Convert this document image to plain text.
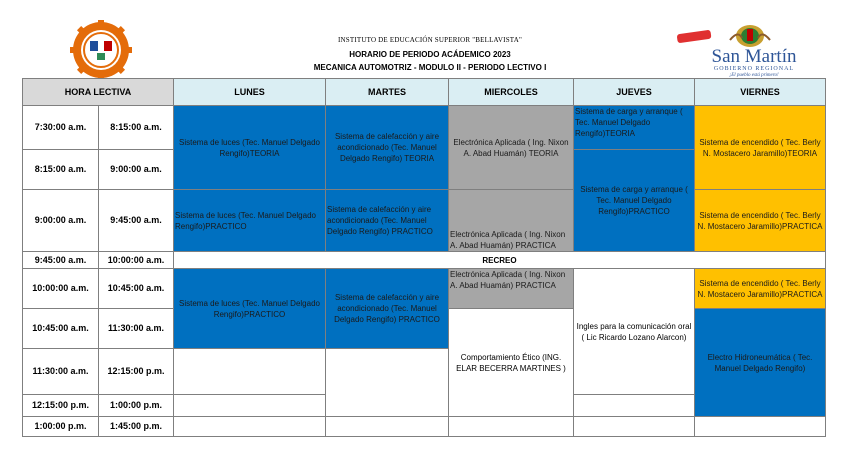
San Martín
GOBIERNO REGIONAL
¡El pueblo está primero!
INSTITUTO DE EDUCACIÓN SUPERIOR "BELLAVISTA"
HORARIO DE PERIODO ACÁDEMICO 2023
MECANICA AUTOMOTRIZ - MODULO II - PERIODO LECTIVO I
HORA LECTIVA		LUNES	MARTES	MIERCOLES	JUEVES	VIERNES
7:30:00 a.m.	8:15:00 a.m.	Sistema de luces (Tec. Manuel Delgado Rengifo)TEORIA	Sistema de calefacción y aire acondicionado (Tec. Manuel Delgado Rengifo) TEORIA	Electrónica Aplicada ( Ing. Nixon A. Abad Huamán) TEORIA	Sistema de carga y arranque ( Tec. Manuel Delgado Rengifo)TEORIA	Sistema de encendido ( Tec. Berly N. Mostacero Jaramillo)TEORIA
8:15:00 a.m.	9:00:00 a.m.				Sistema de carga y arranque ( Tec. Manuel Delgado Rengifo)PRACTICO	
9:00:00 a.m.	9:45:00 a.m.	Sistema de luces (Tec. Manuel Delgado Rengifo)PRACTICO	Sistema de calefacción y aire acondicionado (Tec. Manuel Delgado Rengifo) PRACTICO	Electrónica Aplicada ( Ing. Nixon A. Abad Huamán) PRACTICA		Sistema de encendido ( Tec. Berly N. Mostacero Jaramillo)PRACTICA
9:45:00 a.m.	10:00:00 a.m.	RECREO				
10:00:00 a.m.	10:45:00 a.m.	Sistema de luces (Tec. Manuel Delgado Rengifo)PRACTICO	Sistema de calefacción y aire acondicionado (Tec. Manuel Delgado Rengifo) PRACTICO	Electrónica Aplicada ( Ing. Nixon A. Abad Huamán) PRACTICA	Ingles para la comunicación oral ( Lic Ricardo Lozano Alarcon)	Sistema de encendido ( Tec. Berly N. Mostacero Jaramillo)PRACTICA
10:45:00 a.m.	11:30:00 a.m.			Comportamiento Ético (ING. ELAR BECERRA MARTINES )		Electro Hidroneumática ( Tec. Manuel Delgado Rengifo)
11:30:00 a.m.	12:15:00 p.m.					
12:15:00 p.m.	1:00:00 p.m.					
1:00:00 p.m.	1:45:00 p.m.					
